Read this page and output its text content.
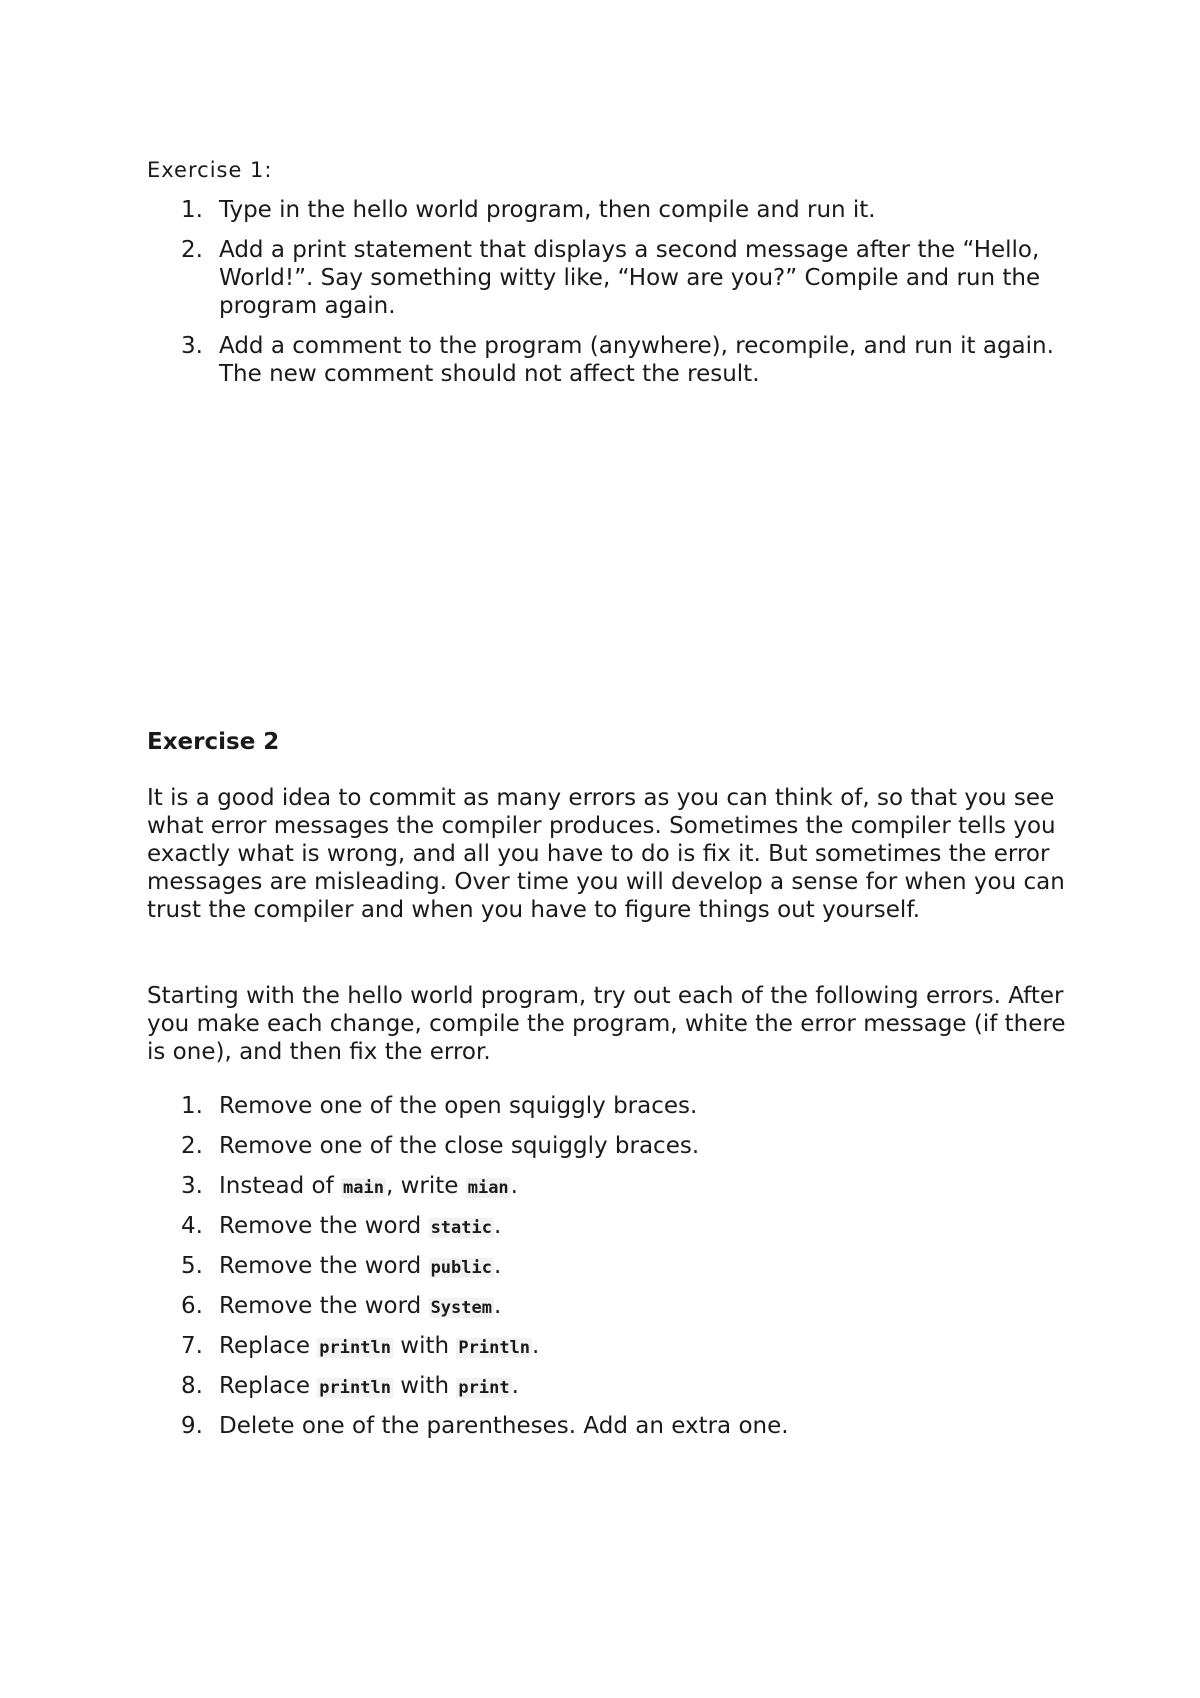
Exercise 1:
1. Type in the hello world program, then compile and run it.
2. Add a print statement that displays a second message after the “Hello, World!”. Say something witty like, “How are you?” Compile and run the program again.
3. Add a comment to the program (anywhere), recompile, and run it again. The new comment should not affect the result.
Exercise 2

It is a good idea to commit as many errors as you can think of, so that you see what error messages the compiler produces. Sometimes the compiler tells you exactly what is wrong, and all you have to do is fix it. But sometimes the error messages are misleading. Over time you will develop a sense for when you can trust the compiler and when you have to figure things out yourself.

Starting with the hello world program, try out each of the following errors. After you make each change, compile the program, white the error message (if there is one), and then fix the error.

1. Remove one of the open squiggly braces.
2. Remove one of the close squiggly braces.
3. Instead of main, write mian.
4. Remove the word static.
5. Remove the word public.
6. Remove the word System.
7. Replace println with Println.
8. Replace println with print.
9. Delete one of the parentheses. Add an extra one.
